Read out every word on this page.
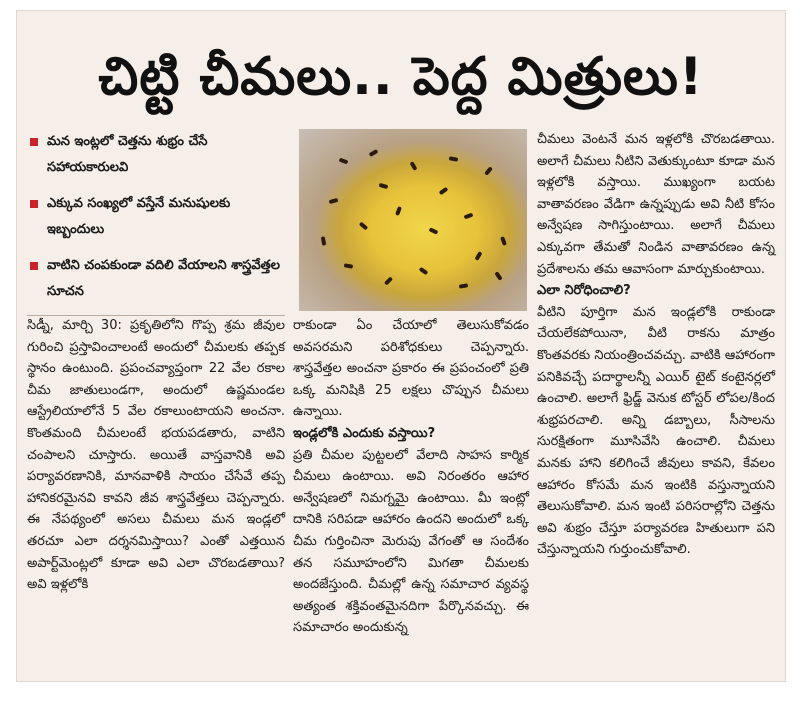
చిట్టి చీమలు.. పెద్ద మిత్రులు!
మన ఇంట్లలో చెత్తను శుభ్రం చేసే సహాయకారులవి
ఎక్కువ సంఖ్యలో వస్తేనే మనుషులకు ఇబ్బందులు
వాటిని చంపకుండా వదిలి వేయాలని శాస్త్రవేత్తల సూచన
సిడ్నీ, మార్చి 30: ప్రకృతిలోని గొప్ప శ్రమ జీవుల గురించి ప్రస్తావించాలంటే అందులో చీమలకు తప్పక స్థానం ఉంటుంది. ప్రపంచవ్యాప్తంగా 22 వేల రకాల చీమ జాతులుండగా, అందులో ఉష్ణమండల ఆస్ట్రేలియాలోనే 5 వేల రకాలుంటాయని అంచనా. కొంతమంది చీమలంటే భయపడతారు, వాటిని చంపాలని చూస్తారు. అయితే వాస్తవానికి అవి పర్యావరణానికి, మానవాళికి సాయం చేసేవే తప్ప హానికరమైనవి కావని జీవ శాస్త్రవేత్తలు చెప్పన్నారు. ఈ నేపథ్యంలో అసలు చీమలు మన ఇండ్లలో తరచూ ఎలా దర్శనమిస్తాయి? ఎంతో ఎత్తయిన అపార్ట్‌మెంట్లలో కూడా అవి ఎలా చొరబడతాయి? అవి ఇళ్లలోకి
రాకుండా ఏం చేయాలో తెలుసుకోవడం అవసరమని పరిశోధకులు చెప్పన్నారు. శాస్త్రవేత్తల అంచనా ప్రకారం ఈ ప్రపంచంలో ప్రతి ఒక్క మనిషికి 25 లక్షలు చొప్పున చీమలు ఉన్నాయి.
ఇండ్లలోకి ఎందుకు వస్తాయి?
ప్రతి చీమల పుట్టలలో వేలాది సాహస కార్మిక చీమలు ఉంటాయి. అవి నిరంతరం ఆహార అన్వేషణలో నిమగ్నమై ఉంటాయి. మీ ఇంట్లో దానికి సరిపడా ఆహారం ఉందని అందులో ఒక్క చీమ గుర్తించినా మెరుపు వేగంతో ఆ సందేశం తన సమూహంలోని మిగతా చీమలకు అందజేస్తుంది. చీమల్లో ఉన్న సమాచార వ్యవస్థ అత్యంత శక్తివంతమైనదిగా పేర్కొనవచ్చు. ఈ సమాచారం అందుకున్న
చీమలు వెంటనే మన ఇళ్లలోకి చొరబడతాయి. అలాగే చీమలు నీటిని వెతుక్కుంటూ కూడా మన ఇళ్లలోకి వస్తాయి. ముఖ్యంగా బయట వాతావరణం వేడిగా ఉన్నప్పుడు అవి నీటి కోసం అన్వేషణ సాగిస్తుంటాయి. అలాగే చీమలు ఎక్కువగా తేమతో నిండిన వాతావరణం ఉన్న ప్రదేశాలను తమ ఆవాసంగా మార్చుకుంటాయి.
ఎలా నిరోధించాలి?
వీటిని పూర్తిగా మన ఇండ్లలోకి రాకుండా చేయలేకపోయినా, వీటి రాకను మాత్రం కొంతవరకు నియంత్రించవచ్చు. వాటికి ఆహారంగా పనికివచ్చే పదార్థాలన్నీ ఎయిర్ టైట్ కంటైనర్లలో ఉంచాలి. అలాగే ఫ్రిడ్జ్ వెనుక టోస్టర్ లోపల/కింద శుభ్రపరచాలి. అన్ని డబ్బాలు, సీసాలను సురక్షితంగా మూసివేసి ఉంచాలి. చీమలు మనకు హాని కలిగించే జీవులు కావని, కేవలం ఆహారం కోసమే మన ఇంటికి వస్తున్నాయని తెలుసుకోవాలి. మన ఇంటి పరిసరాల్లోని చెత్తను అవి శుభ్రం చేస్తూ పర్యావరణ హితులుగా పని చేస్తున్నాయని గుర్తుంచుకోవాలి.
